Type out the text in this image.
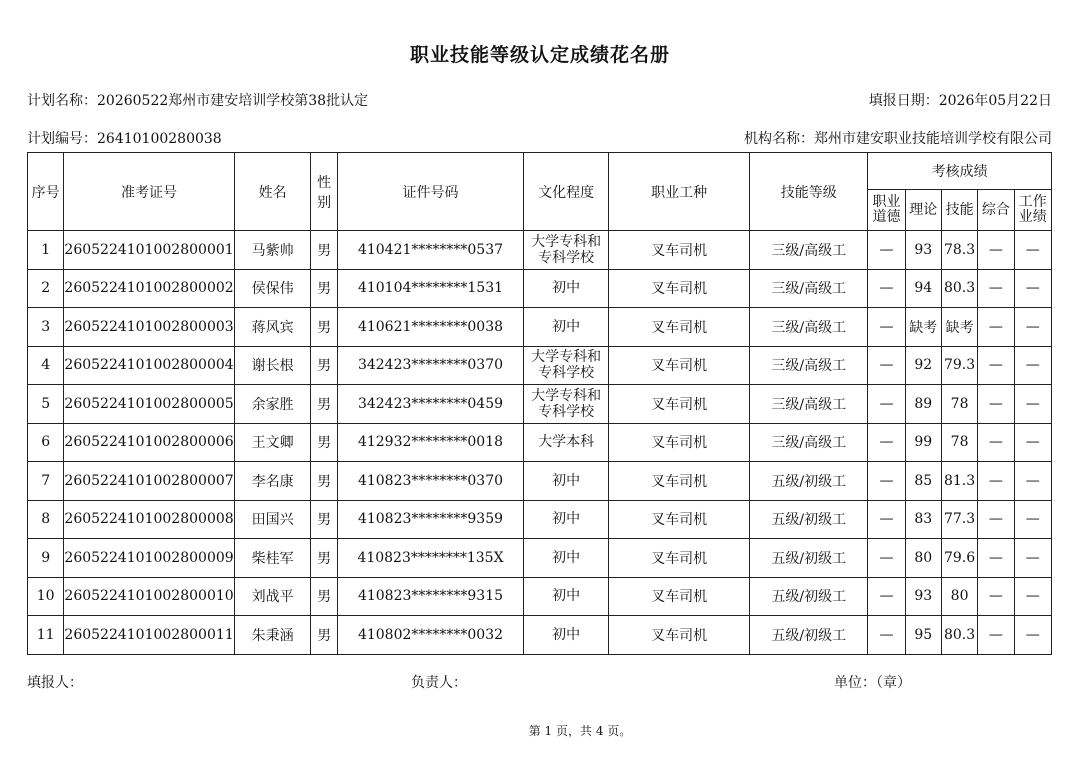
职业技能等级认定成绩花名册
计划名称：20260522郑州市建安培训学校第38批认定	填报日期：2026年05月22日
计划编号：26410100280038	机构名称：郑州市建安职业技能培训学校有限公司
序号	准考证号	姓名	性别	证件号码	文化程度	职业工种	技能等级	考核成绩				
								职业道德	理论	技能	综合	工作业绩
1	2605224101002800001	马紫帅	男	410421********0537	大学专科和专科学校	叉车司机	三级/高级工	—	93	78.3	—	—
2	2605224101002800002	侯保伟	男	410104********1531	初中	叉车司机	三级/高级工	—	94	80.3	—	—
3	2605224101002800003	蒋风宾	男	410621********0038	初中	叉车司机	三级/高级工	—	缺考	缺考	—	—
4	2605224101002800004	谢长根	男	342423********0370	大学专科和专科学校	叉车司机	三级/高级工	—	92	79.3	—	—
5	2605224101002800005	余家胜	男	342423********0459	大学专科和专科学校	叉车司机	三级/高级工	—	89	78	—	—
6	2605224101002800006	王文卿	男	412932********0018	大学本科	叉车司机	三级/高级工	—	99	78	—	—
7	2605224101002800007	李名康	男	410823********0370	初中	叉车司机	五级/初级工	—	85	81.3	—	—
8	2605224101002800008	田国兴	男	410823********9359	初中	叉车司机	五级/初级工	—	83	77.3	—	—
9	2605224101002800009	柴桂军	男	410823********135X	初中	叉车司机	五级/初级工	—	80	79.6	—	—
10	2605224101002800010	刘战平	男	410823********9315	初中	叉车司机	五级/初级工	—	93	80	—	—
11	2605224101002800011	朱秉涵	男	410802********0032	初中	叉车司机	五级/初级工	—	95	80.3	—	—
填报人：	负责人：	单位：（章）
第 1 页，共 4 页。
